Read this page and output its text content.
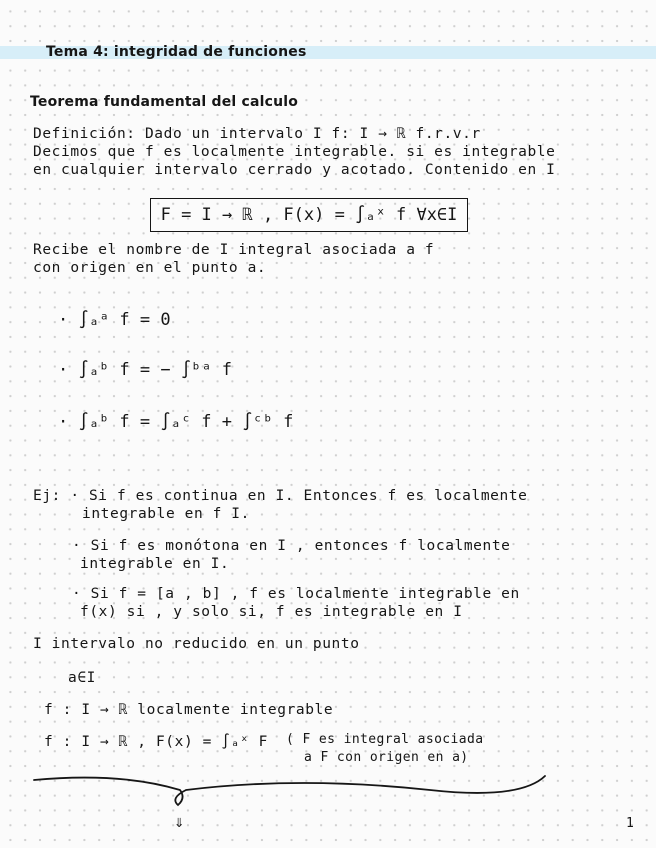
Tema 4: integridad de funciones
Teorema fundamental del calculo
Definición: Dado un intervalo I f: I → ℝ f.r.v.r
Decimos que f es localmente integrable. si es integrable
en cualquier intervalo cerrado y acotado. Contenido en I
F = I → ℝ , F(x) = ∫ₐˣ f ∀x∈I
Recibe el nombre de I integral asociada a f
con origen en el punto a.
· ∫ₐᵃ f = 0
· ∫ₐᵇ f = − ∫ᵇᵃ f
· ∫ₐᵇ f = ∫ₐᶜ f + ∫ᶜᵇ f
Ej: · Si f es continua en I. Entonces f es localmente
integrable en f I.
· Si f es monótona en I , entonces f localmente
integrable en I.
· Si f = [a , b] , f es localmente integrable en
f(x) si , y solo si, f es integrable en I
I intervalo no reducido en un punto
a∈I
f : I → ℝ localmente integrable
f : I → ℝ , F(x) = ∫ₐˣ F ( F es integral asociada
a F con origen en a)
⇓	1
